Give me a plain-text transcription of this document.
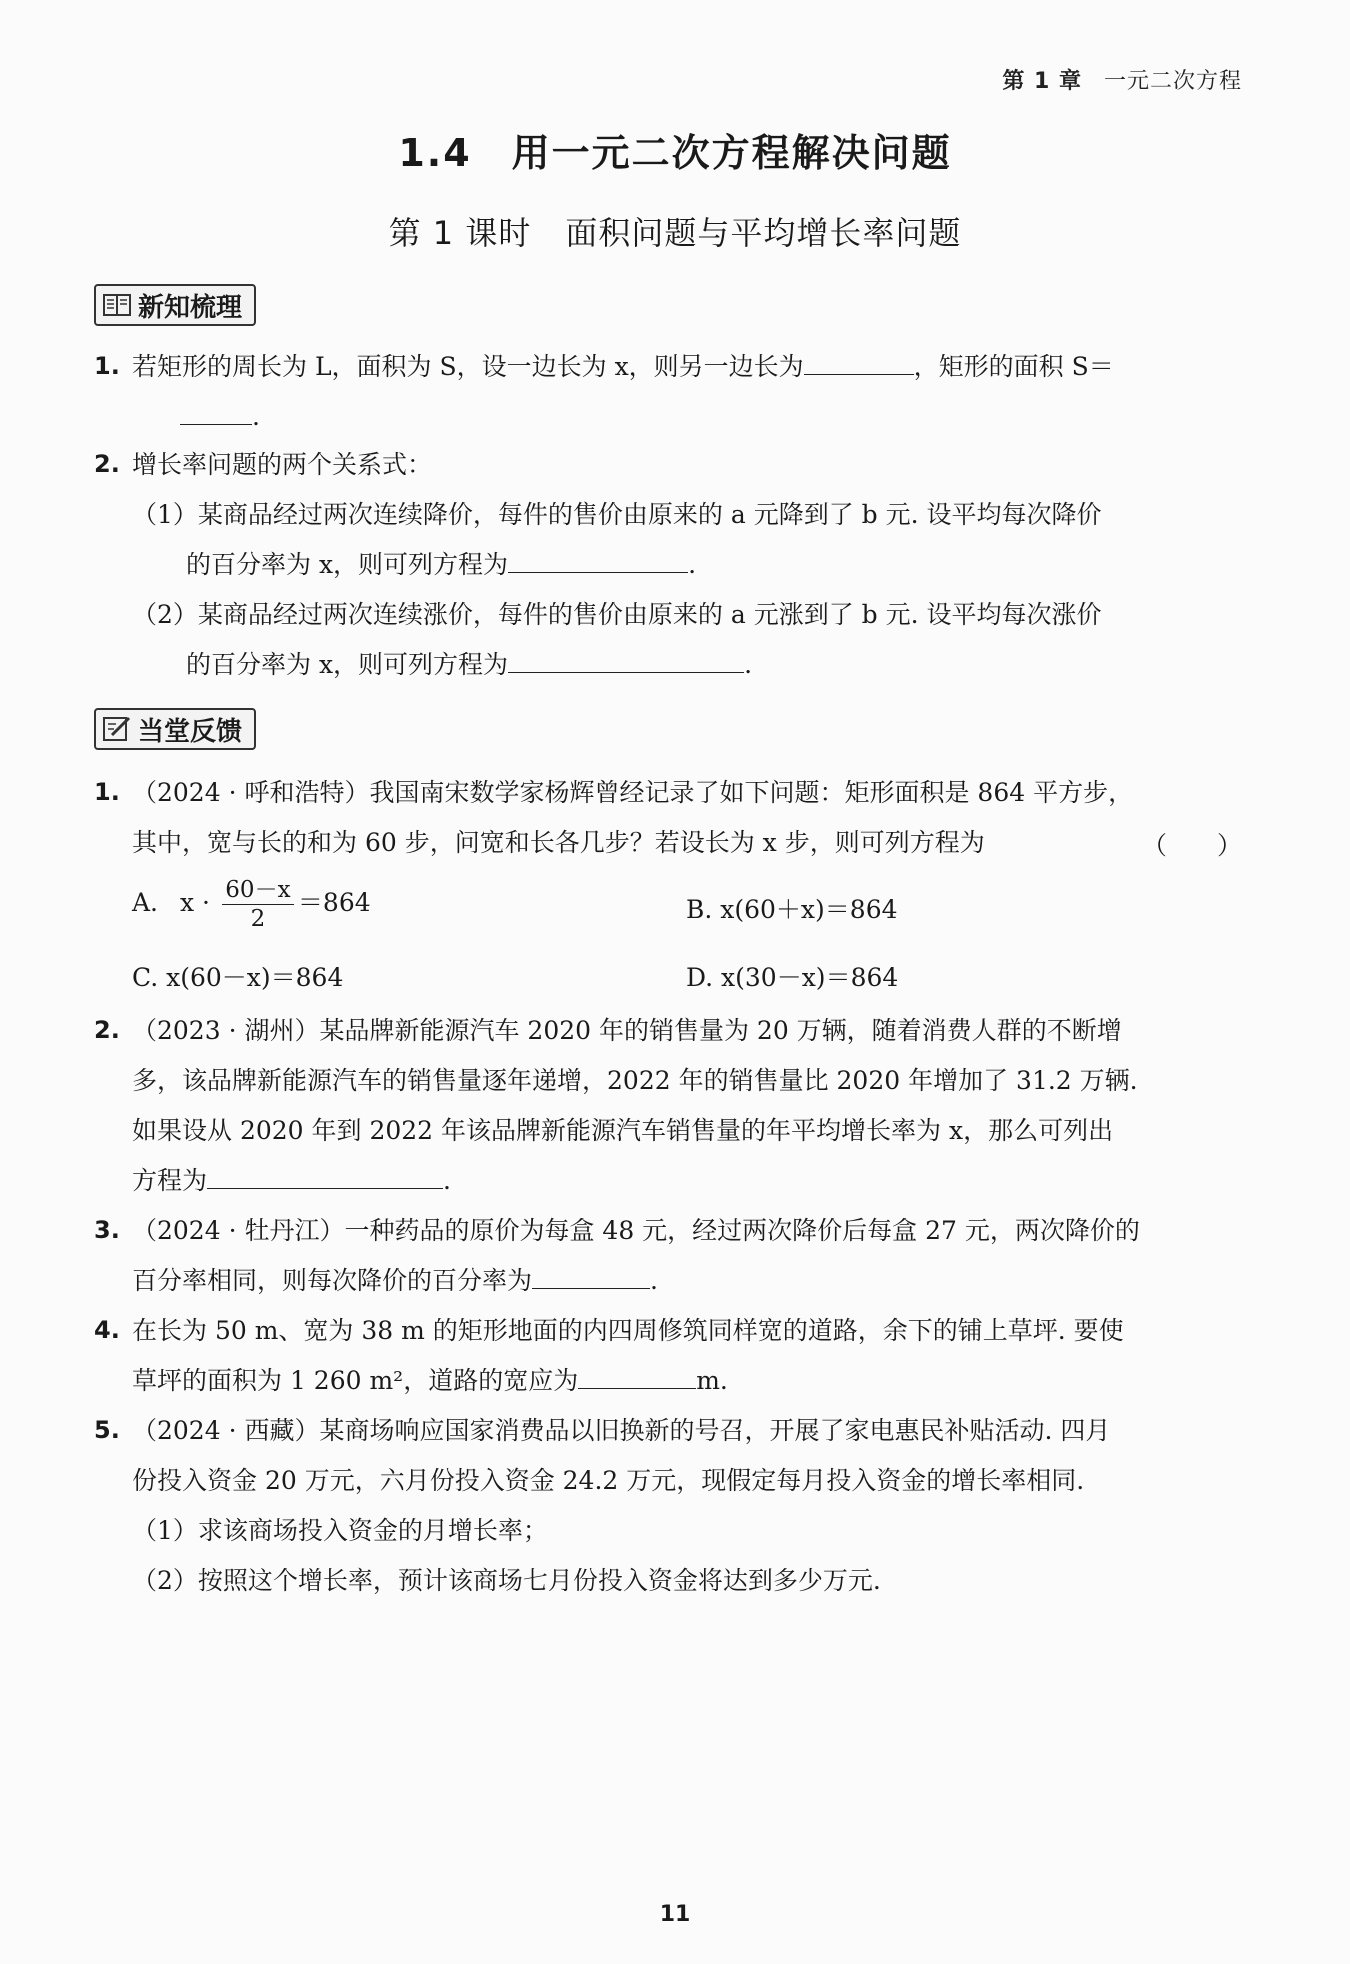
第 1 章 一元二次方程
1.4 用一元二次方程解决问题
第 1 课时 面积问题与平均增长率问题
新知梳理
1. 若矩形的周长为 L，面积为 S，设一边长为 x，则另一边长为	，矩形的面积 S＝
.
2. 增长率问题的两个关系式：
（1）某商品经过两次连续降价，每件的售价由原来的 a 元降到了 b 元. 设平均每次降价
的百分率为 x，则可列方程为	.
（2）某商品经过两次连续涨价，每件的售价由原来的 a 元涨到了 b 元. 设平均每次涨价
的百分率为 x，则可列方程为	.
当堂反馈
1. （2024 · 呼和浩特）我国南宋数学家杨辉曾经记录了如下问题：矩形面积是 864 平方步，
其中，宽与长的和为 60 步，问宽和长各几步？若设长为 x 步，则可列方程为	（　　）
A. $x \cdot \frac{60-x}{2} =864$	B. x(60＋x)＝864
C. x(60－x)＝864	D. x(30－x)＝864
2. （2023 · 湖州）某品牌新能源汽车 2020 年的销售量为 20 万辆，随着消费人群的不断增
多，该品牌新能源汽车的销售量逐年递增，2022 年的销售量比 2020 年增加了 31.2 万辆.
如果设从 2020 年到 2022 年该品牌新能源汽车销售量的年平均增长率为 x，那么可列出
方程为	.
3. （2024 · 牡丹江）一种药品的原价为每盒 48 元，经过两次降价后每盒 27 元，两次降价的
百分率相同，则每次降价的百分率为	.
4. 在长为 50 m、宽为 38 m 的矩形地面的内四周修筑同样宽的道路，余下的铺上草坪. 要使
草坪的面积为 1 260 m²，道路的宽应为	m.
5. （2024 · 西藏）某商场响应国家消费品以旧换新的号召，开展了家电惠民补贴活动. 四月
份投入资金 20 万元，六月份投入资金 24.2 万元，现假定每月投入资金的增长率相同.
（1）求该商场投入资金的月增长率；
（2）按照这个增长率，预计该商场七月份投入资金将达到多少万元.
11
